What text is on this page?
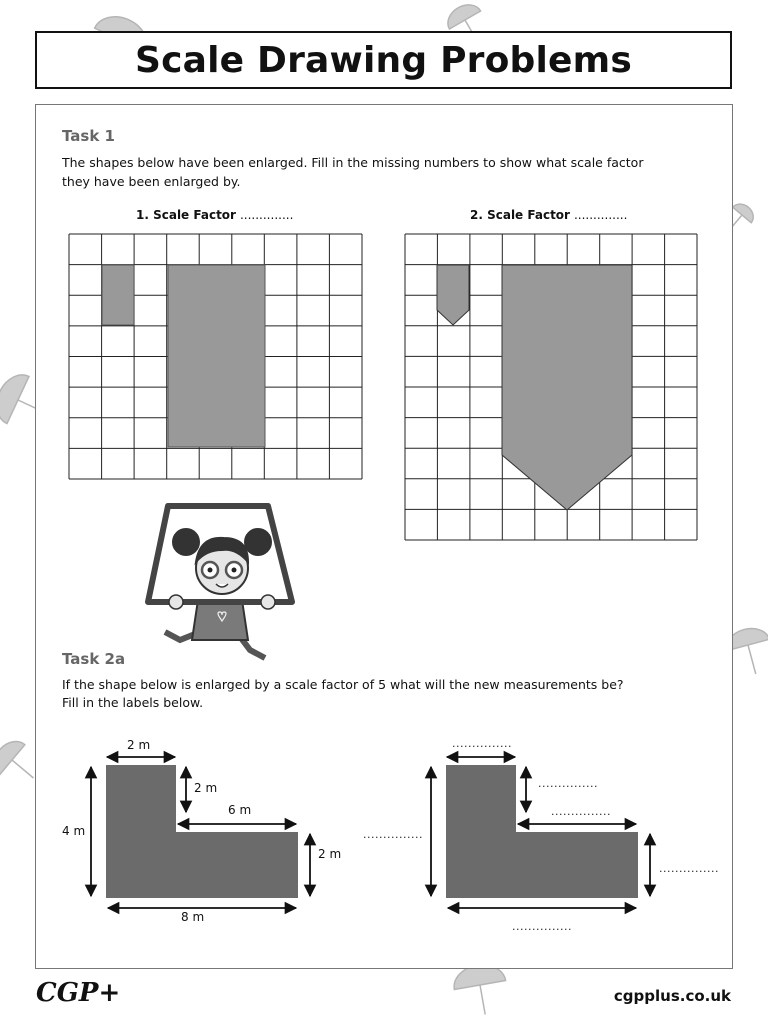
Scale Drawing Problems
Task 1
The shapes below have been enlarged. Fill in the missing numbers to show what scale factor
they have been enlarged by.
1. Scale Factor ..............	2. Scale Factor ..............
Task 2a
If the shape below is enlarged by a scale factor of 5 what will the new measurements be?
Fill in the labels below.
2 m
2 m
6 m
4 m
2 m
8 m
...............
...............
...............
...............
...............
...............
CGP+	cgpplus.co.uk
